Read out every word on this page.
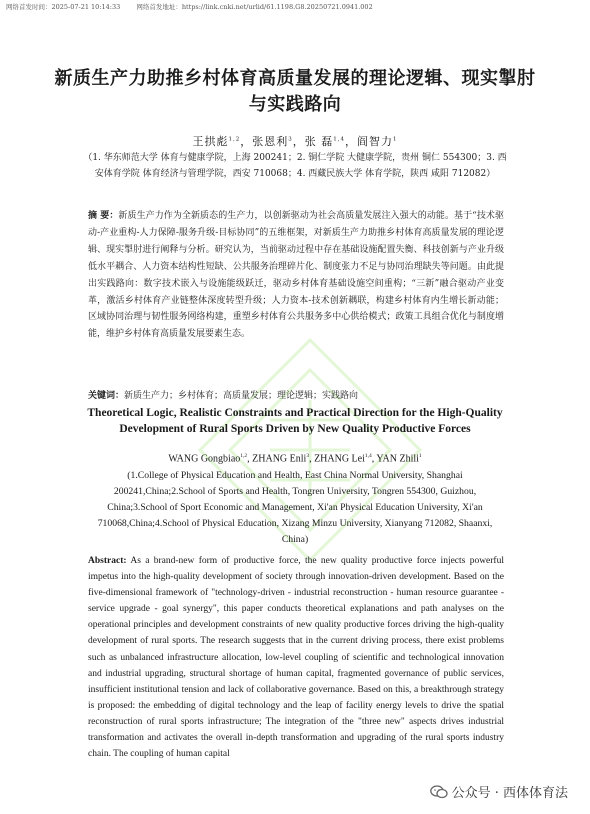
网络首发时间：2025-07-21 10:14:33 网络首发地址：https://link.cnki.net/urlid/61.1198.G8.20250721.0941.002
新质生产力助推乡村体育高质量发展的理论逻辑、现实掣肘与实践路向
王拱彪$^{1,2}$，张恩利$^3$，张 磊$^{1,4}$，阎智力$^1$
（1. 华东师范大学 体育与健康学院，上海 200241；2. 铜仁学院 大健康学院，贵州 铜仁 554300；3. 西安体育学院 体育经济与管理学院，西安 710068；4. 西藏民族大学 体育学院，陕西 咸阳 712082）
摘 要：新质生产力作为全新质态的生产力，以创新驱动为社会高质量发展注入强大的动能。基于“技术驱动-产业重构-人力保障-服务升级-目标协同”的五维框架，对新质生产力助推乡村体育高质量发展的理论逻辑、现实掣肘进行阐释与分析。研究认为，当前驱动过程中存在基础设施配置失衡、科技创新与产业升级低水平耦合、人力资本结构性短缺、公共服务治理碎片化、制度张力不足与协同治理缺失等问题。由此提出实践路向：数字技术嵌入与设施能级跃迁，驱动乡村体育基础设施空间重构；“三新”融合驱动产业变革，激活乡村体育产业链整体深度转型升级；人力资本-技术创新耦联，构建乡村体育内生增长新动能；区域协同治理与韧性服务网络构建，重塑乡村体育公共服务多中心供给模式；政策工具组合优化与制度增能，维护乡村体育高质量发展要素生态。
关键词：新质生产力；乡村体育；高质量发展；理论逻辑；实践路向
Theoretical Logic, Realistic Constraints and Practical Direction for the High-Quality Development of Rural Sports Driven by New Quality Productive Forces
WANG Gongbiao$^{1,2}$, ZHANG Enli$^3$, ZHANG Lei$^{1,4}$, YAN Zhili$^1$
(1.College of Physical Education and Health, East China Normal University, Shanghai 200241,China;2.School of Sports and Health, Tongren University, Tongren 554300, Guizhou, China;3.School of Sport Economic and Management, Xi'an Physical Education University, Xi'an 710068,China;4.School of Physical Education, Xizang Minzu University, Xianyang 712082, Shaanxi, China)
Abstract: As a brand-new form of productive force, the new quality productive force injects powerful impetus into the high-quality development of society through innovation-driven development. Based on the five-dimensional framework of "technology-driven - industrial reconstruction - human resource guarantee - service upgrade - goal synergy", this paper conducts theoretical explanations and path analyses on the operational principles and development constraints of new quality productive forces driving the high-quality development of rural sports. The research suggests that in the current driving process, there exist problems such as unbalanced infrastructure allocation, low-level coupling of scientific and technological innovation and industrial upgrading, structural shortage of human capital, fragmented governance of public services, insufficient institutional tension and lack of collaborative governance. Based on this, a breakthrough strategy is proposed: the embedding of digital technology and the leap of facility energy levels to drive the spatial reconstruction of rural sports infrastructure; The integration of the "three new" aspects drives industrial transformation and activates the overall in-depth transformation and upgrading of the rural sports industry chain. The coupling of human capital
公众号 · 西体体育法
